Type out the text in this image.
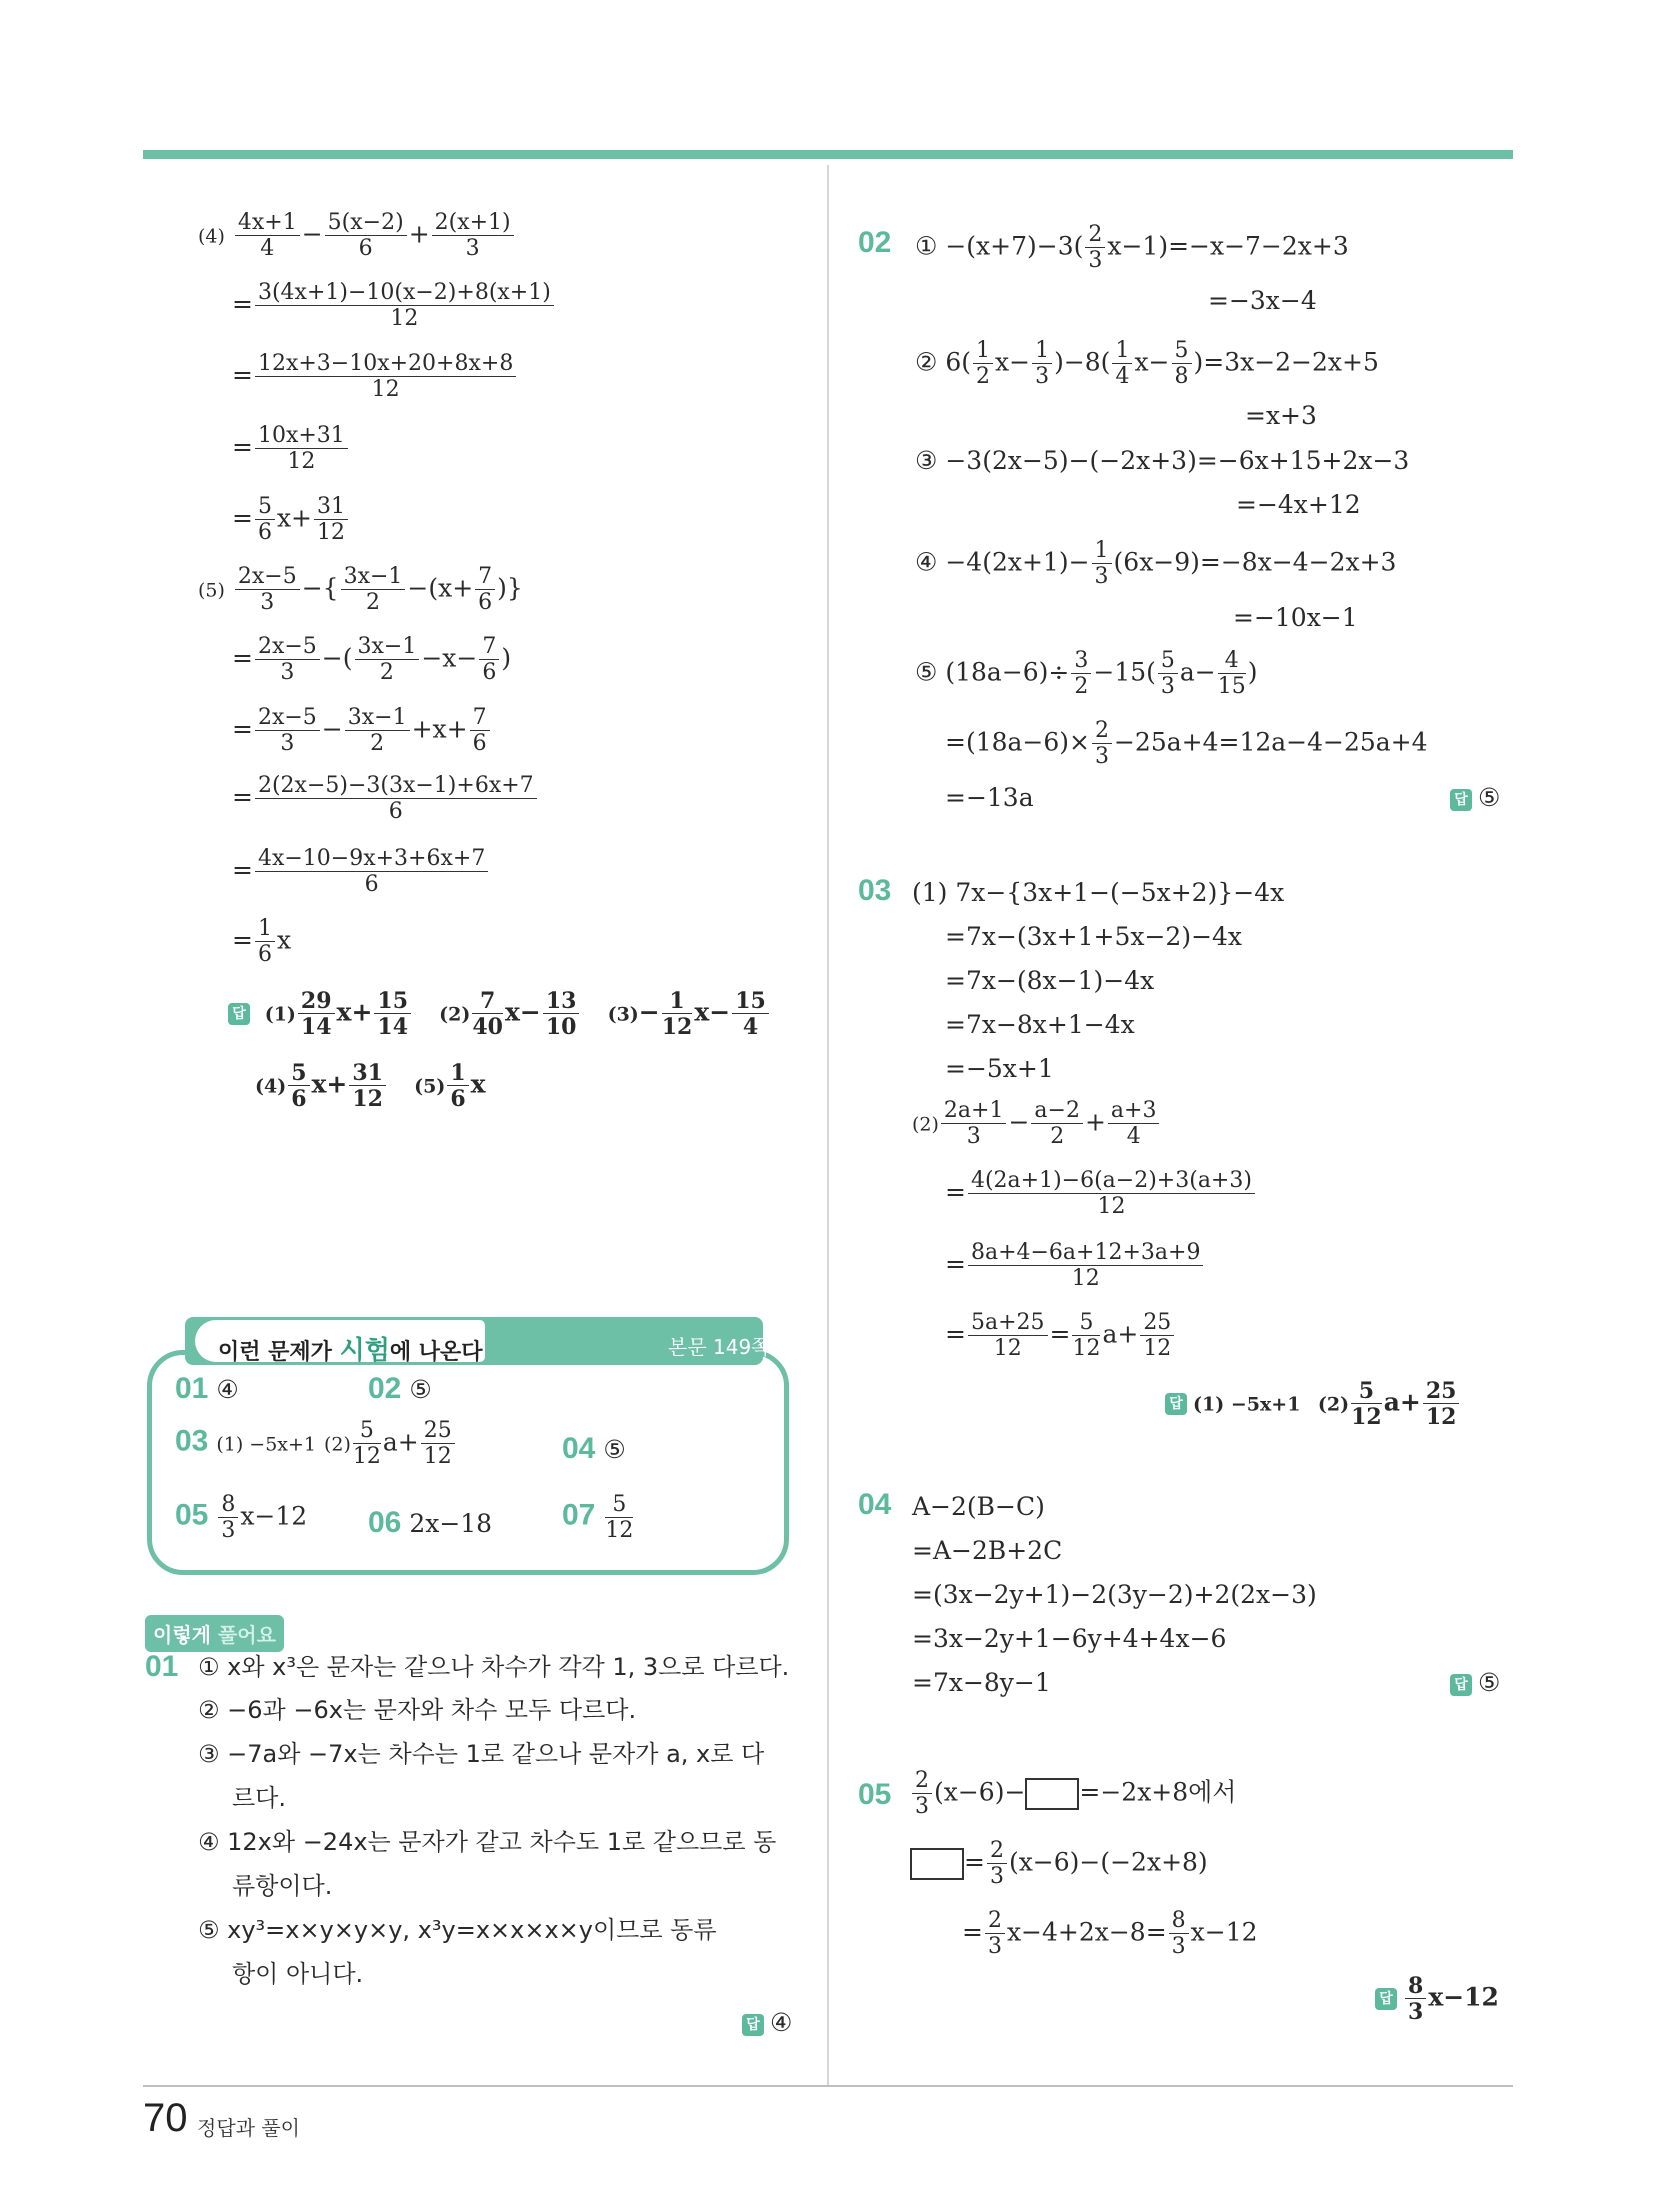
$(4) \frac{4x+1}{4} - \frac{5(x-2)}{6} + \frac{2(x+1)}{3}$
= $\frac{3(4x+1)-10(x-2)+8(x+1)}{12}$
= $\frac{12x+3-10x+20+8x+8}{12}$
= $\frac{10x+31}{12}$
= $\frac{5}{6} x+ \frac{31}{12}$
$(5) \frac{2x-5}{3}$ −{ $\frac{3x-1}{2} -(x+ \frac{7}{6}$ )}
= $\frac{2x-5}{3}$ −( $\frac{3x-1}{2} -x- \frac{7}{6}$ )
= $\frac{2x-5}{3} - \frac{3x-1}{2} +x+ \frac{7}{6}$
= $\frac{2(2x-5)-3(3x-1)+6x+7}{6}$
= $\frac{4x-10-9x+3+6x+7}{6}$
= $\frac{1}{6}$ x
답 $(1) \frac{29}{14} x+ \frac{15}{14} (2) \frac{7}{40} x- \frac{13}{10} (3)- \frac{1}{12} x- \frac{15}{4}$
$(4) \frac{5}{6} x+ \frac{31}{12} (5) \frac{1}{6}$ x
이런 문제가 시험에 나온다	본문 149쪽
01 ④	02 ⑤
03 (1) −5x+1 $(2) \frac{5}{12} a+ \frac{25}{12}$	04 ⑤
$05 \frac{8}{3} x-12$ 06 2x−18 $07 \frac{5}{12}$
이렇게 풀어요
01 ① x와 x³은 문자는 같으나 차수가 각각 1, 3으로 다르다.
② −6과 −6x는 문자와 차수 모두 다르다.
③ −7a와 −7x는 차수는 1로 같으나 문자가 a, x로 다
르다.
④ 12x와 −24x는 문자가 같고 차수도 1로 같으므로 동
류항이다.
⑤ xy³=x×y×y×y, x³y=x×x×x×y이므로 동류
항이 아니다.
답 ④
02 ① $-(x+7)-3( \frac{2}{3} x-1)=-x-7-2x+3$
=−3x−4
② $6( \frac{1}{2} x- \frac{1}{3} )-8( \frac{1}{4} x- \frac{5}{8} )=3x-2-2x+5$
=x+3
③ −3(2x−5)−(−2x+3)=−6x+15+2x−3
=−4x+12
④ $-4(2x+1)- \frac{1}{3} (6x-9)=-8x-4-2x+3$
=−10x−1
⑤ $(18a-6)\div \frac{3}{2} -15( \frac{5}{3} a- \frac{4}{15}$ )
$=(18a-6)\times \frac{2}{3} -25a+4=12a-4-25a+4$
=−13a	답 ⑤
03 (1) 7x−{3x+1−(−5x+2)}−4x
=7x−(3x+1+5x−2)−4x
=7x−(8x−1)−4x
=7x−8x+1−4x
=−5x+1
$(2) \frac{2a+1}{3} - \frac{a-2}{2} + \frac{a+3}{4}$
= $\frac{4(2a+1)-6(a-2)+3(a+3)}{12}$
= $\frac{8a+4-6a+12+3a+9}{12}$
= $\frac{5a+25}{12} = \frac{5}{12} a+ \frac{25}{12}$
답 (1) −5x+1 $(2) \frac{5}{12} a+ \frac{25}{12}$
04 A−2(B−C)
=A−2B+2C
=(3x−2y+1)−2(3y−2)+2(2x−3)
=3x−2y+1−6y+4+4x−6
=7x−8y−1	답 ⑤
$05 \frac{2}{3} (x-6)- =-2x+8$에서
= $\frac{2}{3} (x-6)-(-2x+8)$
= $\frac{2}{3} x-4+2x-8= \frac{8}{3} x-12$
답 $\frac{8}{3} x-12$
70 정답과 풀이
